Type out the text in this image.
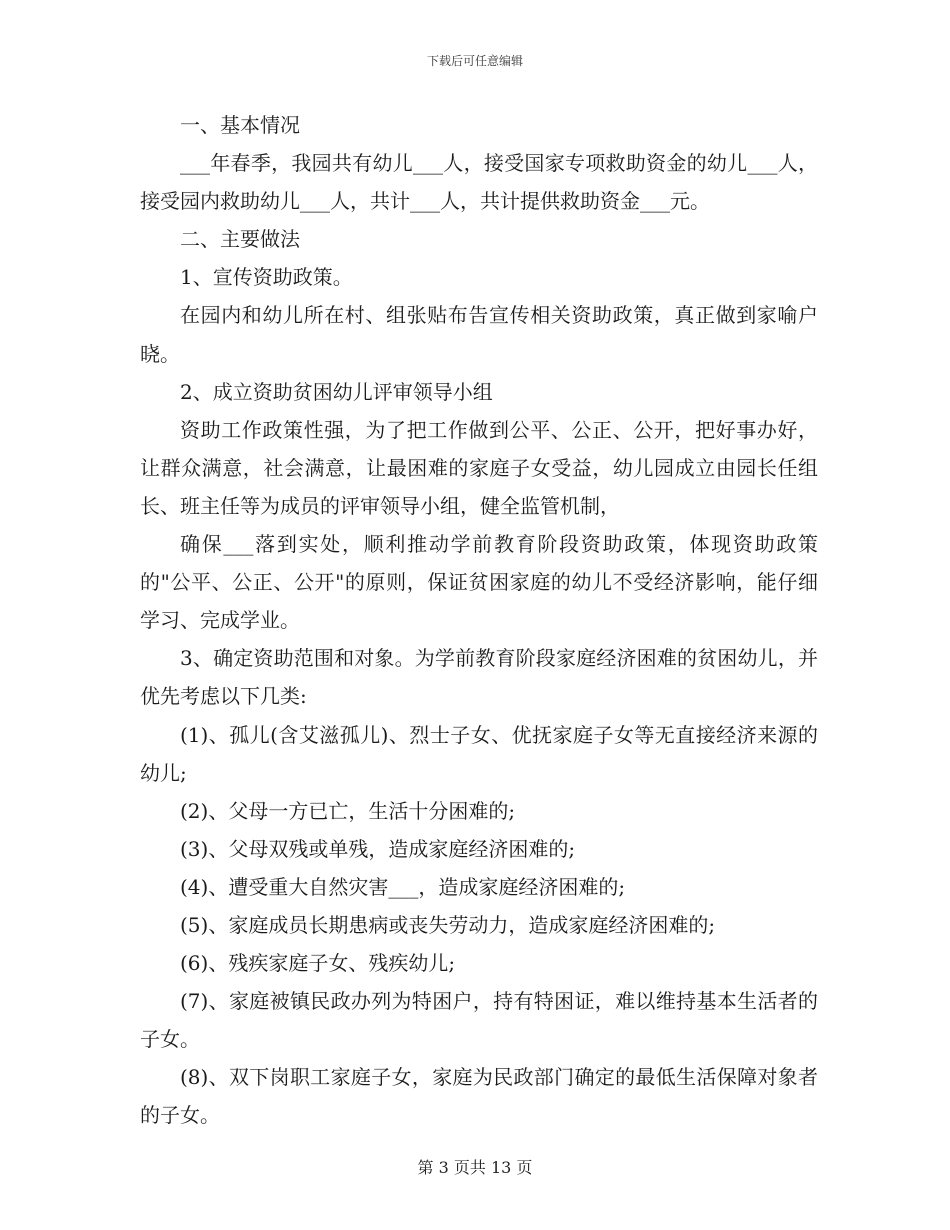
下载后可任意编辑

一、基本情况

___年春季，我园共有幼儿___人，接受国家专项救助资金的幼儿___人，接受园内救助幼儿___人，共计___人，共计提供救助资金___元。

二、主要做法

1、宣传资助政策。

在园内和幼儿所在村、组张贴布告宣传相关资助政策，真正做到家喻户晓。

2、成立资助贫困幼儿评审领导小组

资助工作政策性强，为了把工作做到公平、公正、公开，把好事办好，让群众满意，社会满意，让最困难的家庭子女受益，幼儿园成立由园长任组长、班主任等为成员的评审领导小组，健全监管机制，

确保___落到实处，顺利推动学前教育阶段资助政策，体现资助政策的"公平、公正、公开"的原则，保证贫困家庭的幼儿不受经济影响，能仔细学习、完成学业。

3、确定资助范围和对象。为学前教育阶段家庭经济困难的贫困幼儿，并优先考虑以下几类:

(1)、孤儿(含艾滋孤儿)、烈士子女、优抚家庭子女等无直接经济来源的幼儿;

(2)、父母一方已亡，生活十分困难的;

(3)、父母双残或单残，造成家庭经济困难的;

(4)、遭受重大自然灾害___，造成家庭经济困难的;

(5)、家庭成员长期患病或丧失劳动力，造成家庭经济困难的;

(6)、残疾家庭子女、残疾幼儿;

(7)、家庭被镇民政办列为特困户，持有特困证，难以维持基本生活者的子女。

(8)、双下岗职工家庭子女，家庭为民政部门确定的最低生活保障对象者的子女。

第 3 页共 13 页
